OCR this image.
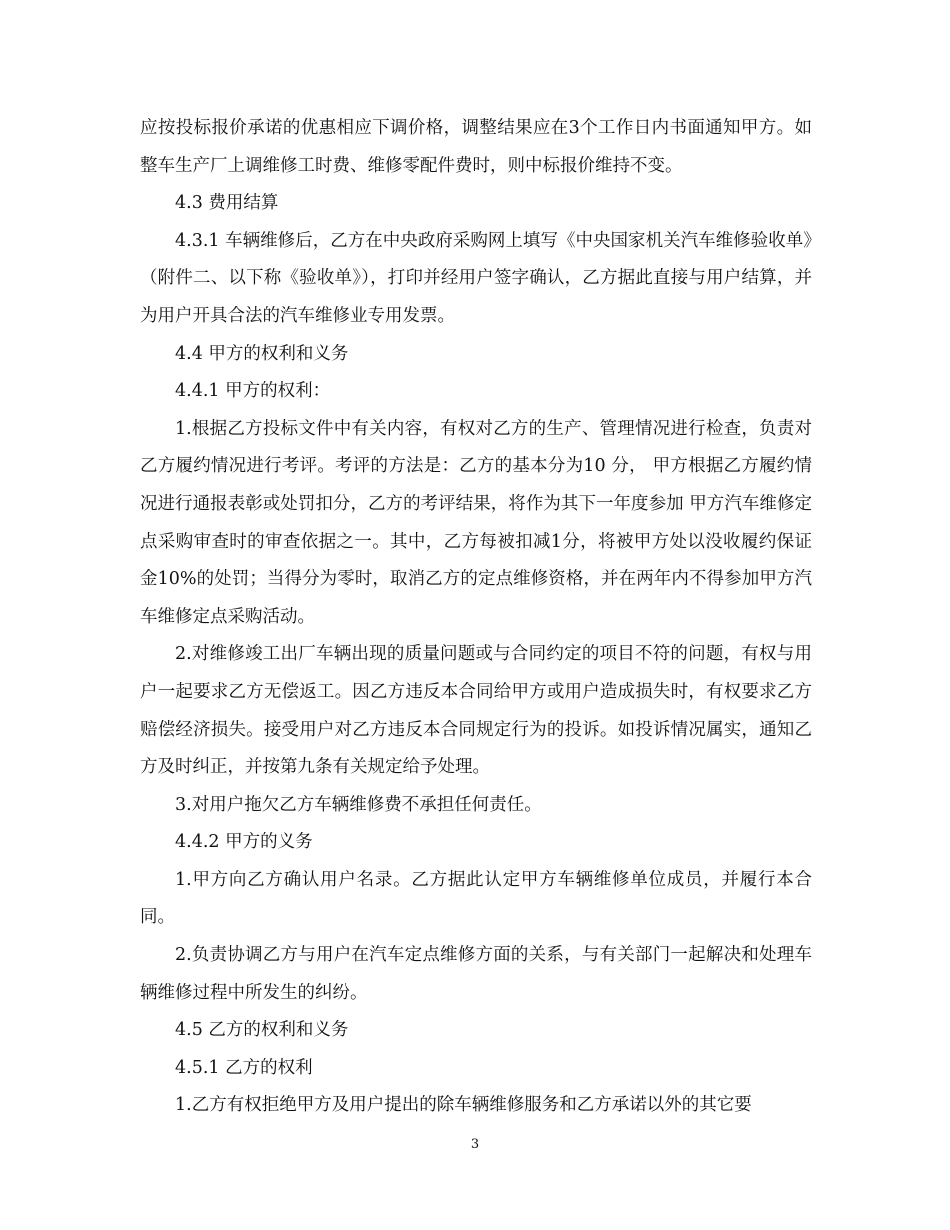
应按投标报价承诺的优惠相应下调价格，调整结果应在3个工作日内书面通知甲方。如整车生产厂上调维修工时费、维修零配件费时，则中标报价维持不变。

4.3 费用结算

4.3.1 车辆维修后，乙方在中央政府采购网上填写《中央国家机关汽车维修验收单》（附件二、以下称《验收单》），打印并经用户签字确认，乙方据此直接与用户结算，并为用户开具合法的汽车维修业专用发票。

4.4 甲方的权利和义务

4.4.1 甲方的权利：

1.根据乙方投标文件中有关内容，有权对乙方的生产、管理情况进行检查，负责对乙方履约情况进行考评。考评的方法是：乙方的基本分为10 分， 甲方根据乙方履约情况进行通报表彰或处罚扣分，乙方的考评结果，将作为其下一年度参加 甲方汽车维修定点采购审查时的审查依据之一。其中，乙方每被扣减1分，将被甲方处以没收履约保证金10%的处罚；当得分为零时，取消乙方的定点维修资格，并在两年内不得参加甲方汽车维修定点采购活动。

2.对维修竣工出厂车辆出现的质量问题或与合同约定的项目不符的问题，有权与用户一起要求乙方无偿返工。因乙方违反本合同给甲方或用户造成损失时，有权要求乙方赔偿经济损失。接受用户对乙方违反本合同规定行为的投诉。如投诉情况属实，通知乙方及时纠正，并按第九条有关规定给予处理。

3.对用户拖欠乙方车辆维修费不承担任何责任。

4.4.2 甲方的义务

1.甲方向乙方确认用户名录。乙方据此认定甲方车辆维修单位成员，并履行本合同。

2.负责协调乙方与用户在汽车定点维修方面的关系，与有关部门一起解决和处理车辆维修过程中所发生的纠纷。

4.5 乙方的权利和义务

4.5.1 乙方的权利

1.乙方有权拒绝甲方及用户提出的除车辆维修服务和乙方承诺以外的其它要

3
